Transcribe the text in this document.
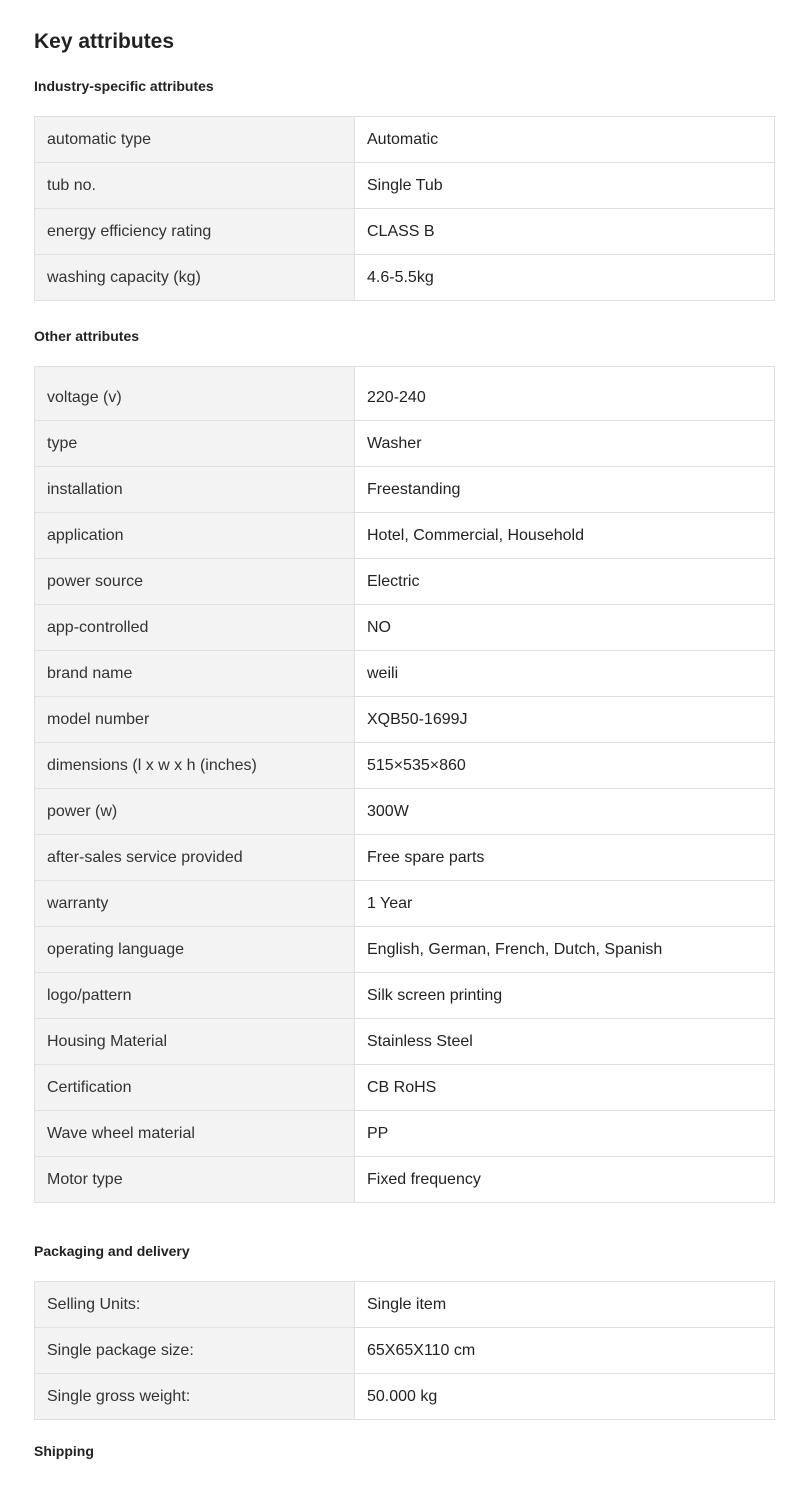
Key attributes
Industry-specific attributes
automatic type	Automatic
tub no.	Single Tub
energy efficiency rating	CLASS B
washing capacity (kg)	4.6-5.5kg
Other attributes
voltage (v)	220-240
type	Washer
installation	Freestanding
application	Hotel, Commercial, Household
power source	Electric
app-controlled	NO
brand name	weili
model number	XQB50-1699J
dimensions (l x w x h (inches)	515×535×860
power (w)	300W
after-sales service provided	Free spare parts
warranty	1 Year
operating language	English, German, French, Dutch, Spanish
logo/pattern	Silk screen printing
Housing Material	Stainless Steel
Certification	CB RoHS
Wave wheel material	PP
Motor type	Fixed frequency
Packaging and delivery
Selling Units:	Single item
Single package size:	65X65X110 cm
Single gross weight:	50.000 kg
Shipping
